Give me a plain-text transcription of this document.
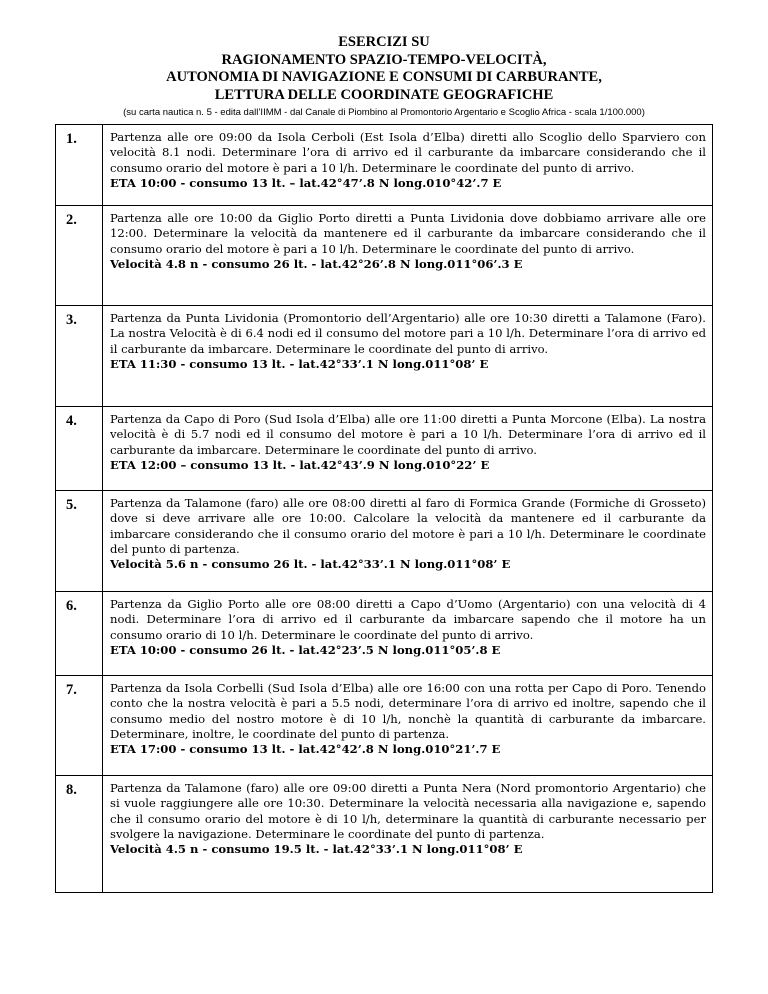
ESERCIZI SU
RAGIONAMENTO SPAZIO-TEMPO-VELOCITÀ,
AUTONOMIA DI NAVIGAZIONE E CONSUMI DI CARBURANTE,
LETTURA DELLE COORDINATE GEOGRAFICHE
(su carta nautica n. 5 - edita dall’IIMM - dal Canale di Piombino al Promontorio Argentario e Scoglio Africa - scala 1/100.000)
1.	Partenza alle ore 09:00 da Isola Cerboli (Est Isola d’Elba) diretti allo Scoglio dello Sparviero con velocità 8.1 nodi. Determinare l’ora di arrivo ed il carburante da imbarcare considerando che il consumo orario del motore è pari a 10 l/h. Determinare le coordinate del punto di arrivo.
ETA 10:00 - consumo 13 lt. – lat.42°47’.8 N long.010°42’.7 E

2.	Partenza alle ore 10:00 da Giglio Porto diretti a Punta Lividonia dove dobbiamo arrivare alle ore 12:00. Determinare la velocità da mantenere ed il carburante da imbarcare considerando che il consumo orario del motore è pari a 10 l/h. Determinare le coordinate del punto di arrivo.
Velocità 4.8 n - consumo 26 lt. - lat.42°26’.8 N long.011°06’.3 E

3.	Partenza da Punta Lividonia (Promontorio dell’Argentario) alle ore 10:30 diretti a Talamone (Faro). La nostra Velocità è di 6.4 nodi ed il consumo del motore pari a 10 l/h. Determinare l’ora di arrivo ed il carburante da imbarcare. Determinare le coordinate del punto di arrivo.
ETA 11:30 - consumo 13 lt. - lat.42°33’.1 N long.011°08’ E

4.	Partenza da Capo di Poro (Sud Isola d’Elba) alle ore 11:00 diretti a Punta Morcone (Elba). La nostra velocità è di 5.7 nodi ed il consumo del motore è pari a 10 l/h. Determinare l’ora di arrivo ed il carburante da imbarcare. Determinare le coordinate del punto di arrivo.
ETA 12:00 – consumo 13 lt. - lat.42°43’.9 N long.010°22’ E

5.	Partenza da Talamone (faro) alle ore 08:00 diretti al faro di Formica Grande (Formiche di Grosseto) dove si deve arrivare alle ore 10:00. Calcolare la velocità da mantenere ed il carburante da imbarcare considerando che il consumo orario del motore è pari a 10 l/h. Determinare le coordinate del punto di partenza.
Velocità 5.6 n - consumo 26 lt. - lat.42°33’.1 N long.011°08’ E

6.	Partenza da Giglio Porto alle ore 08:00 diretti a Capo d’Uomo (Argentario) con una velocità di 4 nodi. Determinare l’ora di arrivo ed il carburante da imbarcare sapendo che il motore ha un consumo orario di 10 l/h. Determinare le coordinate del punto di arrivo.
ETA 10:00 - consumo 26 lt. - lat.42°23’.5 N long.011°05’.8 E

7.	Partenza da Isola Corbelli (Sud Isola d’Elba) alle ore 16:00 con una rotta per Capo di Poro. Tenendo conto che la nostra velocità è pari a 5.5 nodi, determinare l’ora di arrivo ed inoltre, sapendo che il consumo medio del nostro motore è di 10 l/h, nonchè la quantità di carburante da imbarcare. Determinare, inoltre, le coordinate del punto di partenza.
ETA 17:00 - consumo 13 lt. - lat.42°42’.8 N long.010°21’.7 E

8.	Partenza da Talamone (faro) alle ore 09:00 diretti a Punta Nera (Nord promontorio Argentario) che si vuole raggiungere alle ore 10:30. Determinare la velocità necessaria alla navigazione e, sapendo che il consumo orario del motore è di 10 l/h, determinare la quantità di carburante necessario per svolgere la navigazione. Determinare le coordinate del punto di partenza.
Velocità 4.5 n - consumo 19.5 lt. - lat.42°33’.1 N long.011°08’ E
